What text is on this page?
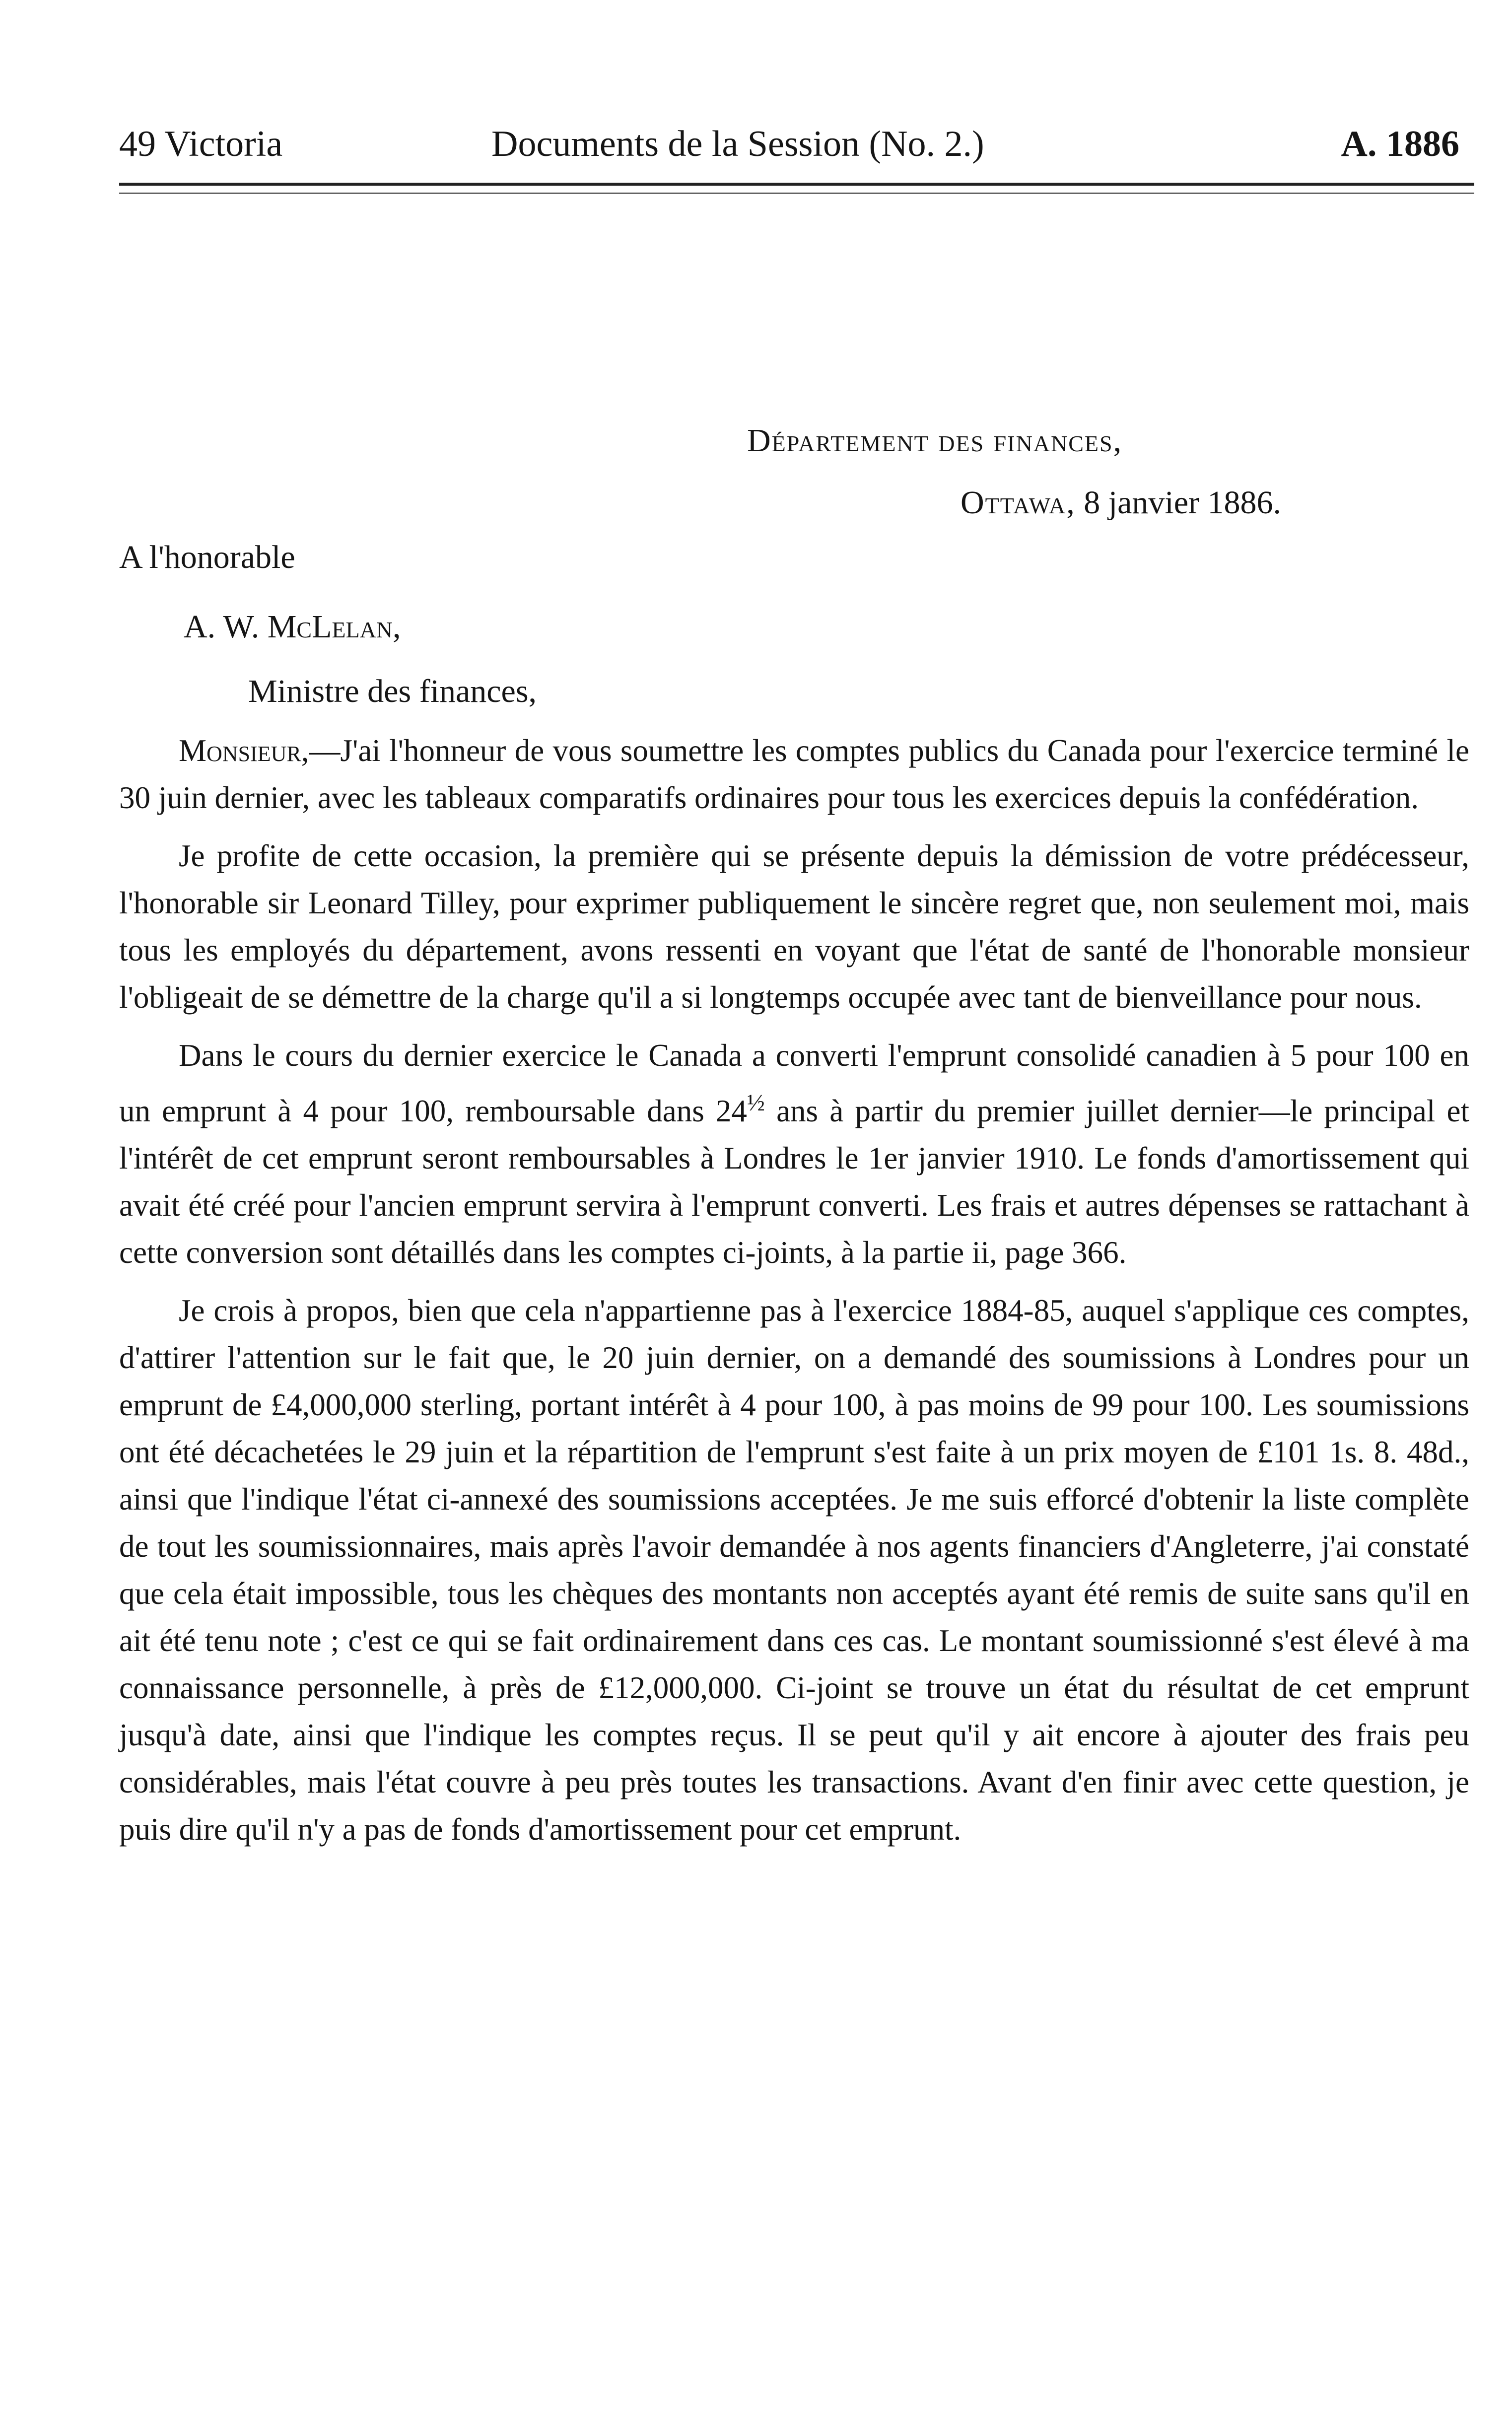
49 Victoria	Documents de la Session (No. 2.)	A. 1886
Département des finances,
Ottawa, 8 janvier 1886.
A l'honorable
A. W. McLelan,
Ministre des finances,

Monsieur,—J'ai l'honneur de vous soumettre les comptes publics du Canada pour l'exercice terminé le 30 juin dernier, avec les tableaux comparatifs ordinaires pour tous les exercices depuis la confédération.

Je profite de cette occasion, la première qui se présente depuis la démission de votre prédécesseur, l'honorable sir Leonard Tilley, pour exprimer publiquement le sincère regret que, non seulement moi, mais tous les employés du département, avons ressenti en voyant que l'état de santé de l'honorable monsieur l'obligeait de se démettre de la charge qu'il a si longtemps occupée avec tant de bienveillance pour nous.

Dans le cours du dernier exercice le Canada a converti l'emprunt consolidé canadien à 5 pour 100 en un emprunt à 4 pour 100, remboursable dans $24^{\frac{1}{2}}$ ans à partir du premier juillet dernier—le principal et l'intérêt de cet emprunt seront remboursables à Londres le 1er janvier 1910. Le fonds d'amortissement qui avait été créé pour l'ancien emprunt servira à l'emprunt converti. Les frais et autres dépenses se rattachant à cette conversion sont détaillés dans les comptes ci-joints, à la partie ii, page 366.

Je crois à propos, bien que cela n'appartienne pas à l'exercice 1884-85, auquel s'applique ces comptes, d'attirer l'attention sur le fait que, le 20 juin dernier, on a demandé des soumissions à Londres pour un emprunt de £4,000,000 sterling, portant intérêt à 4 pour 100, à pas moins de 99 pour 100. Les soumissions ont été décachetées le 29 juin et la répartition de l'emprunt s'est faite à un prix moyen de £101 1s. 8. 48d., ainsi que l'indique l'état ci-annexé des soumissions acceptées. Je me suis efforcé d'obtenir la liste complète de tout les soumissionnaires, mais après l'avoir demandée à nos agents financiers d'Angleterre, j'ai constaté que cela était impossible, tous les chèques des montants non acceptés ayant été remis de suite sans qu'il en ait été tenu note ; c'est ce qui se fait ordinairement dans ces cas. Le montant soumissionné s'est élevé à ma connaissance personnelle, à près de £12,000,000. Ci-joint se trouve un état du résultat de cet emprunt jusqu'à date, ainsi que l'indique les comptes reçus. Il se peut qu'il y ait encore à ajouter des frais peu considérables, mais l'état couvre à peu près toutes les transactions. Avant d'en finir avec cette question, je puis dire qu'il n'y a pas de fonds d'amortissement pour cet emprunt.
